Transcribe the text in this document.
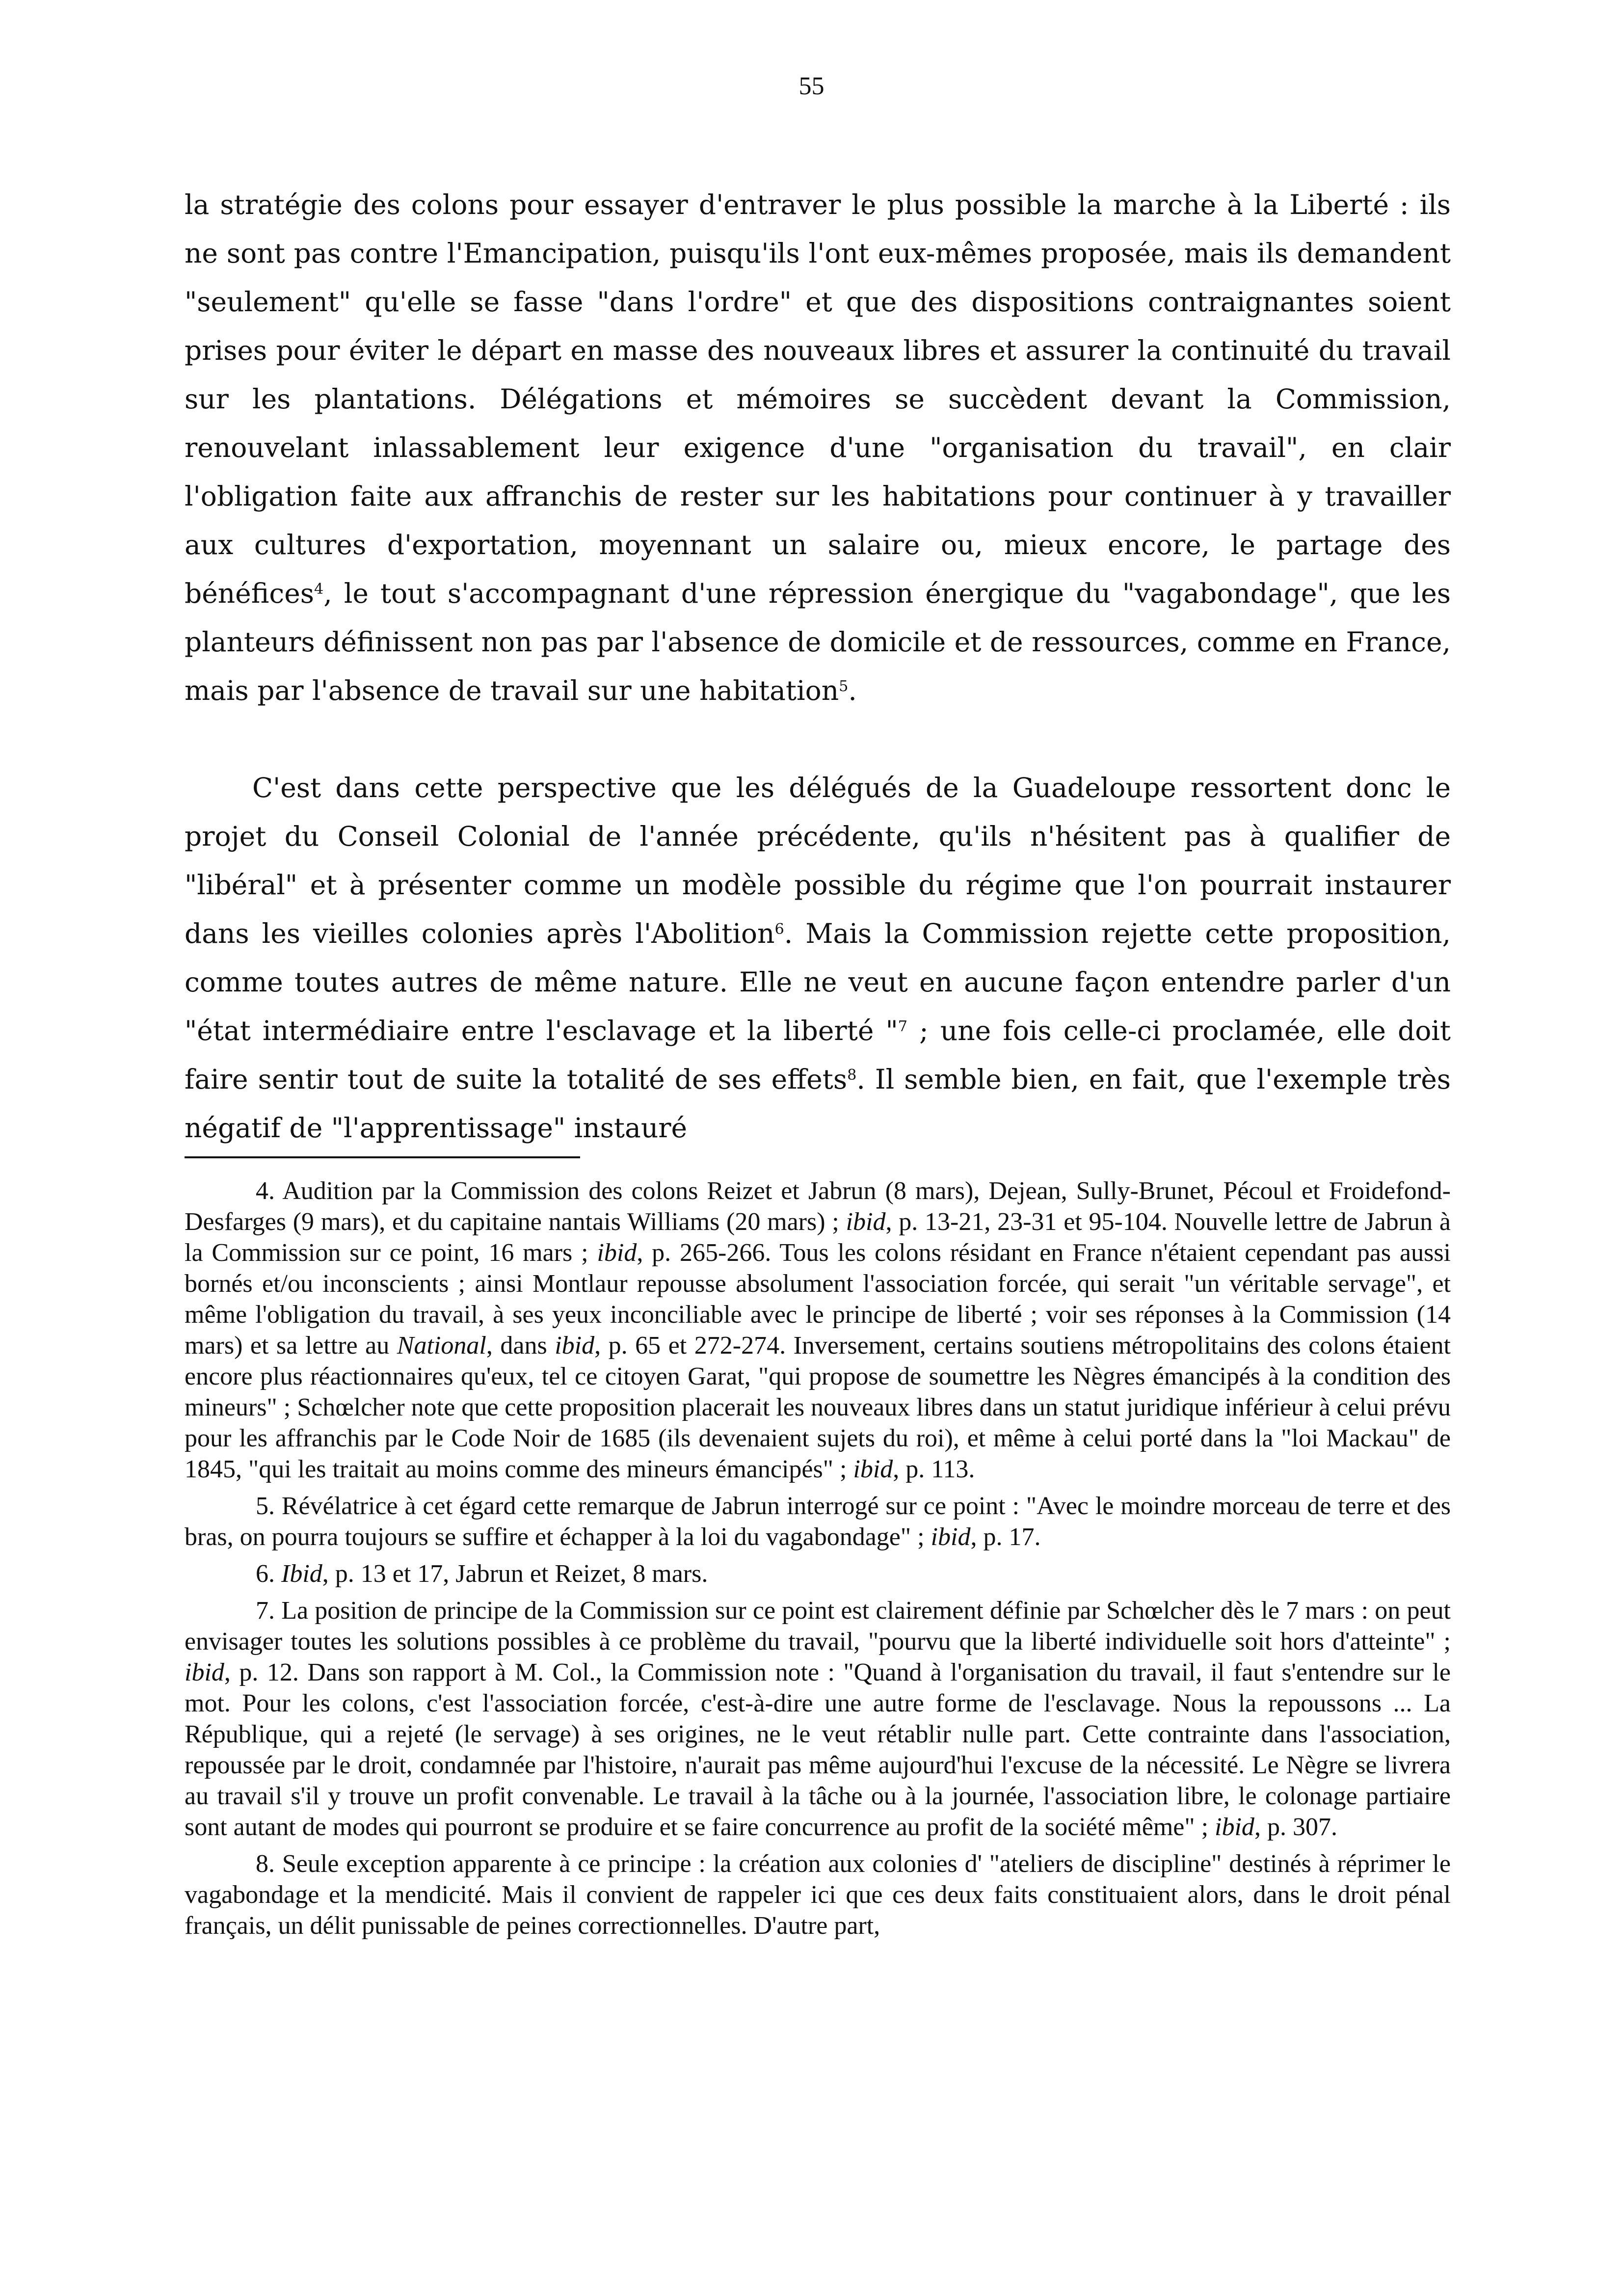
55

la stratégie des colons pour essayer d'entraver le plus possible la marche à la Liberté : ils ne sont pas contre l'Emancipation, puisqu'ils l'ont eux-mêmes proposée, mais ils demandent "seulement" qu'elle se fasse "dans l'ordre" et que des dispositions contraignantes soient prises pour éviter le départ en masse des nouveaux libres et assurer la continuité du travail sur les plantations. Délégations et mémoires se succèdent devant la Commission, renouvelant inlassablement leur exigence d'une "organisation du travail", en clair l'obligation faite aux affranchis de rester sur les habitations pour continuer à y travailler aux cultures d'exportation, moyennant un salaire ou, mieux encore, le partage des bénéfices$^4$, le tout s'accompagnant d'une répression énergique du "vagabondage", que les planteurs définissent non pas par l'absence de domicile et de ressources, comme en France, mais par l'absence de travail sur une habitation$^5$.

C'est dans cette perspective que les délégués de la Guadeloupe ressortent donc le projet du Conseil Colonial de l'année précédente, qu'ils n'hésitent pas à qualifier de "libéral" et à présenter comme un modèle possible du régime que l'on pourrait instaurer dans les vieilles colonies après l'Abolition$^6$. Mais la Commission rejette cette proposition, comme toutes autres de même nature. Elle ne veut en aucune façon entendre parler d'un "état intermédiaire entre l'esclavage et la liberté "$^7$ ; une fois celle-ci proclamée, elle doit faire sentir tout de suite la totalité de ses effets$^8$. Il semble bien, en fait, que l'exemple très négatif de "l'apprentissage" instauré

4. Audition par la Commission des colons Reizet et Jabrun (8 mars), Dejean, Sully-Brunet, Pécoul et Froidefond-Desfarges (9 mars), et du capitaine nantais Williams (20 mars) ; ibid, p. 13-21, 23-31 et 95-104. Nouvelle lettre de Jabrun à la Commission sur ce point, 16 mars ; ibid, p. 265-266. Tous les colons résidant en France n'étaient cependant pas aussi bornés et/ou inconscients ; ainsi Montlaur repousse absolument l'association forcée, qui serait "un véritable servage", et même l'obligation du travail, à ses yeux inconciliable avec le principe de liberté ; voir ses réponses à la Commission (14 mars) et sa lettre au National, dans ibid, p. 65 et 272-274. Inversement, certains soutiens métropolitains des colons étaient encore plus réactionnaires qu'eux, tel ce citoyen Garat, "qui propose de soumettre les Nègres émancipés à la condition des mineurs" ; Schœlcher note que cette proposition placerait les nouveaux libres dans un statut juridique inférieur à celui prévu pour les affranchis par le Code Noir de 1685 (ils devenaient sujets du roi), et même à celui porté dans la "loi Mackau" de 1845, "qui les traitait au moins comme des mineurs émancipés" ; ibid, p. 113.

5. Révélatrice à cet égard cette remarque de Jabrun interrogé sur ce point : "Avec le moindre morceau de terre et des bras, on pourra toujours se suffire et échapper à la loi du vagabondage" ; ibid, p. 17.

6. Ibid, p. 13 et 17, Jabrun et Reizet, 8 mars.

7. La position de principe de la Commission sur ce point est clairement définie par Schœlcher dès le 7 mars : on peut envisager toutes les solutions possibles à ce problème du travail, "pourvu que la liberté individuelle soit hors d'atteinte" ; ibid, p. 12. Dans son rapport à M. Col., la Commission note : "Quand à l'organisation du travail, il faut s'entendre sur le mot. Pour les colons, c'est l'association forcée, c'est-à-dire une autre forme de l'esclavage. Nous la repoussons ... La République, qui a rejeté (le servage) à ses origines, ne le veut rétablir nulle part. Cette contrainte dans l'association, repoussée par le droit, condamnée par l'histoire, n'aurait pas même aujourd'hui l'excuse de la nécessité. Le Nègre se livrera au travail s'il y trouve un profit convenable. Le travail à la tâche ou à la journée, l'association libre, le colonage partiaire sont autant de modes qui pourront se produire et se faire concurrence au profit de la société même" ; ibid, p. 307.

8. Seule exception apparente à ce principe : la création aux colonies d' "ateliers de discipline" destinés à réprimer le vagabondage et la mendicité. Mais il convient de rappeler ici que ces deux faits constituaient alors, dans le droit pénal français, un délit punissable de peines correctionnelles. D'autre part,
